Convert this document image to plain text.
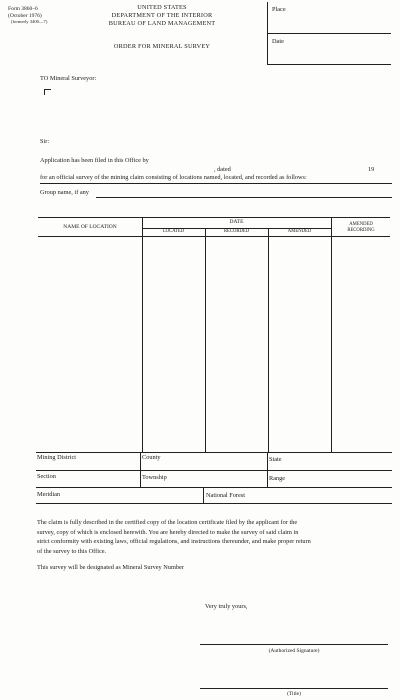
Form 3860–6
(October 1976)
(formerly 3400—7)
UNITED STATES
DEPARTMENT OF THE INTERIOR
BUREAU OF LAND MANAGEMENT
ORDER FOR MINERAL SURVEY
Place
Date
TO Mineral Surveyor:
Sir:
Application has been filed in this Office by
, dated	19
for an official survey of the mining claim consisting of locations named, located, and recorded as follows:
Group name, if any
NAME OF LOCATION
DATE
LOCATED	RECORDED	AMENDED
AMENDED
RECORDING
Mining District	County	State
Section	Township	Range
Meridian	National Forest
The claim is fully described in the certified copy of the location certificate filed by the applicant for the
survey, copy of which is enclosed herewith. You are hereby directed to make the survey of said claim in
strict conformity with existing laws, official regulations, and instructions thereunder, and make proper return
of the survey to this Office.
This survey will be designated as Mineral Survey Number
Very truly yours,
(Authorized Signature)
(Title)
